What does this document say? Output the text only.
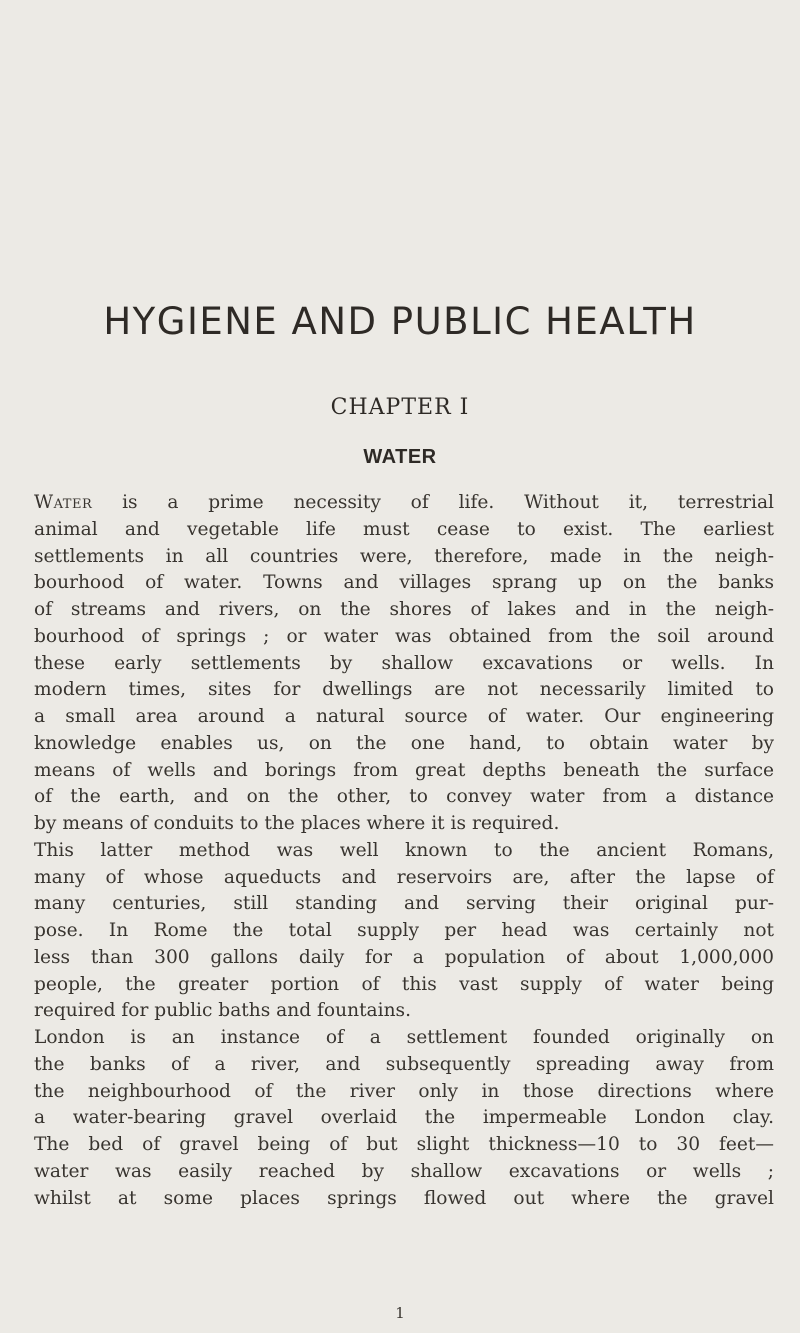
HYGIENE AND PUBLIC HEALTH
CHAPTER I
WATER

Water is a prime necessity of life. Without it, terrestrial
animal and vegetable life must cease to exist. The earliest
settlements in all countries were, therefore, made in the neigh-
bourhood of water. Towns and villages sprang up on the banks
of streams and rivers, on the shores of lakes and in the neigh-
bourhood of springs ; or water was obtained from the soil around
these early settlements by shallow excavations or wells. In
modern times, sites for dwellings are not necessarily limited to
a small area around a natural source of water. Our engineering
knowledge enables us, on the one hand, to obtain water by
means of wells and borings from great depths beneath the surface
of the earth, and on the other, to convey water from a distance
by means of conduits to the places where it is required.

This latter method was well known to the ancient Romans,
many of whose aqueducts and reservoirs are, after the lapse of
many centuries, still standing and serving their original pur-
pose. In Rome the total supply per head was certainly not
less than 300 gallons daily for a population of about 1,000,000
people, the greater portion of this vast supply of water being
required for public baths and fountains.

London is an instance of a settlement founded originally on
the banks of a river, and subsequently spreading away from
the neighbourhood of the river only in those directions where
a water-bearing gravel overlaid the impermeable London clay.
The bed of gravel being of but slight thickness—10 to 30 feet—
water was easily reached by shallow excavations or wells ;
whilst at some places springs flowed out where the gravel

1
